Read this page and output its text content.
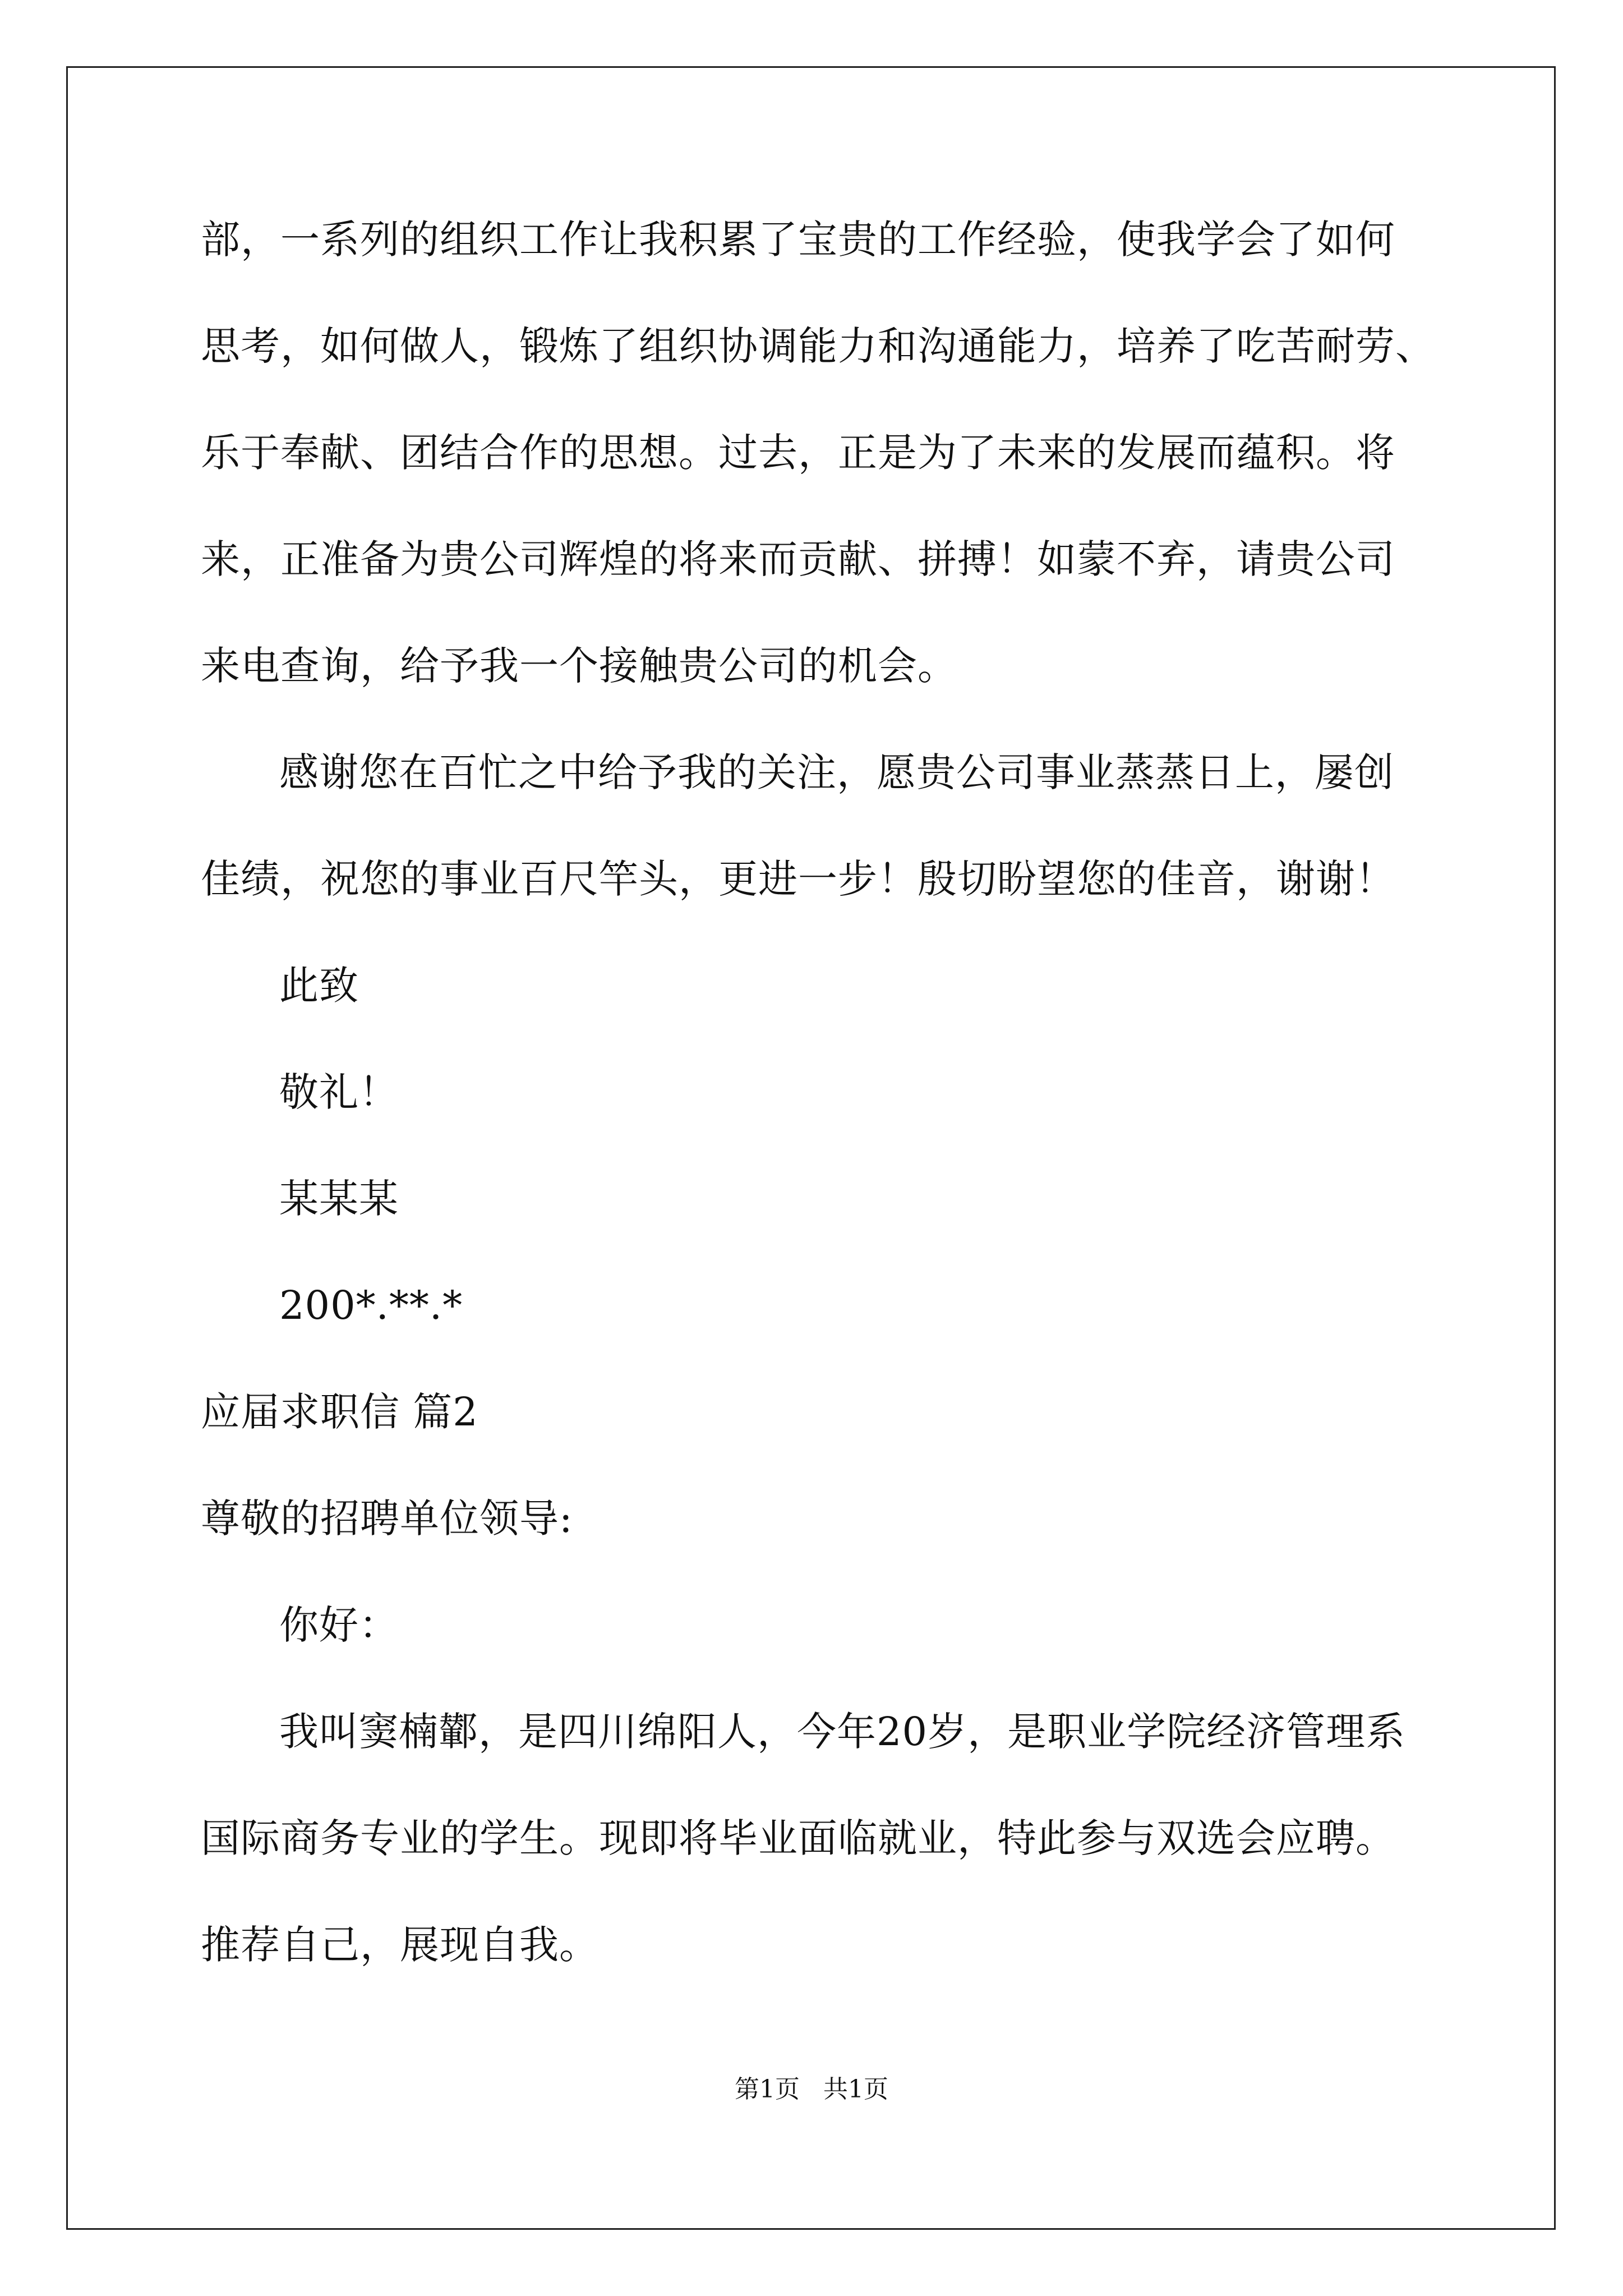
部，一系列的组织工作让我积累了宝贵的工作经验，使我学会了如何
思考，如何做人，锻炼了组织协调能力和沟通能力，培养了吃苦耐劳、
乐于奉献、团结合作的思想。过去，正是为了未来的发展而蕴积。将
来，正准备为贵公司辉煌的将来而贡献、拼搏！如蒙不弃，请贵公司
来电查询，给予我一个接触贵公司的机会。
感谢您在百忙之中给予我的关注，愿贵公司事业蒸蒸日上，屡创
佳绩，祝您的事业百尺竿头，更进一步！殷切盼望您的佳音，谢谢！
此致
敬礼！
某某某
200*.**.*
应届求职信 篇2
尊敬的招聘单位领导:
你好：
我叫窦楠鄻，是四川绵阳人，今年20岁，是职业学院经济管理系
国际商务专业的学生。现即将毕业面临就业，特此参与双选会应聘。
推荐自己，展现自我。
第1页   共1页
